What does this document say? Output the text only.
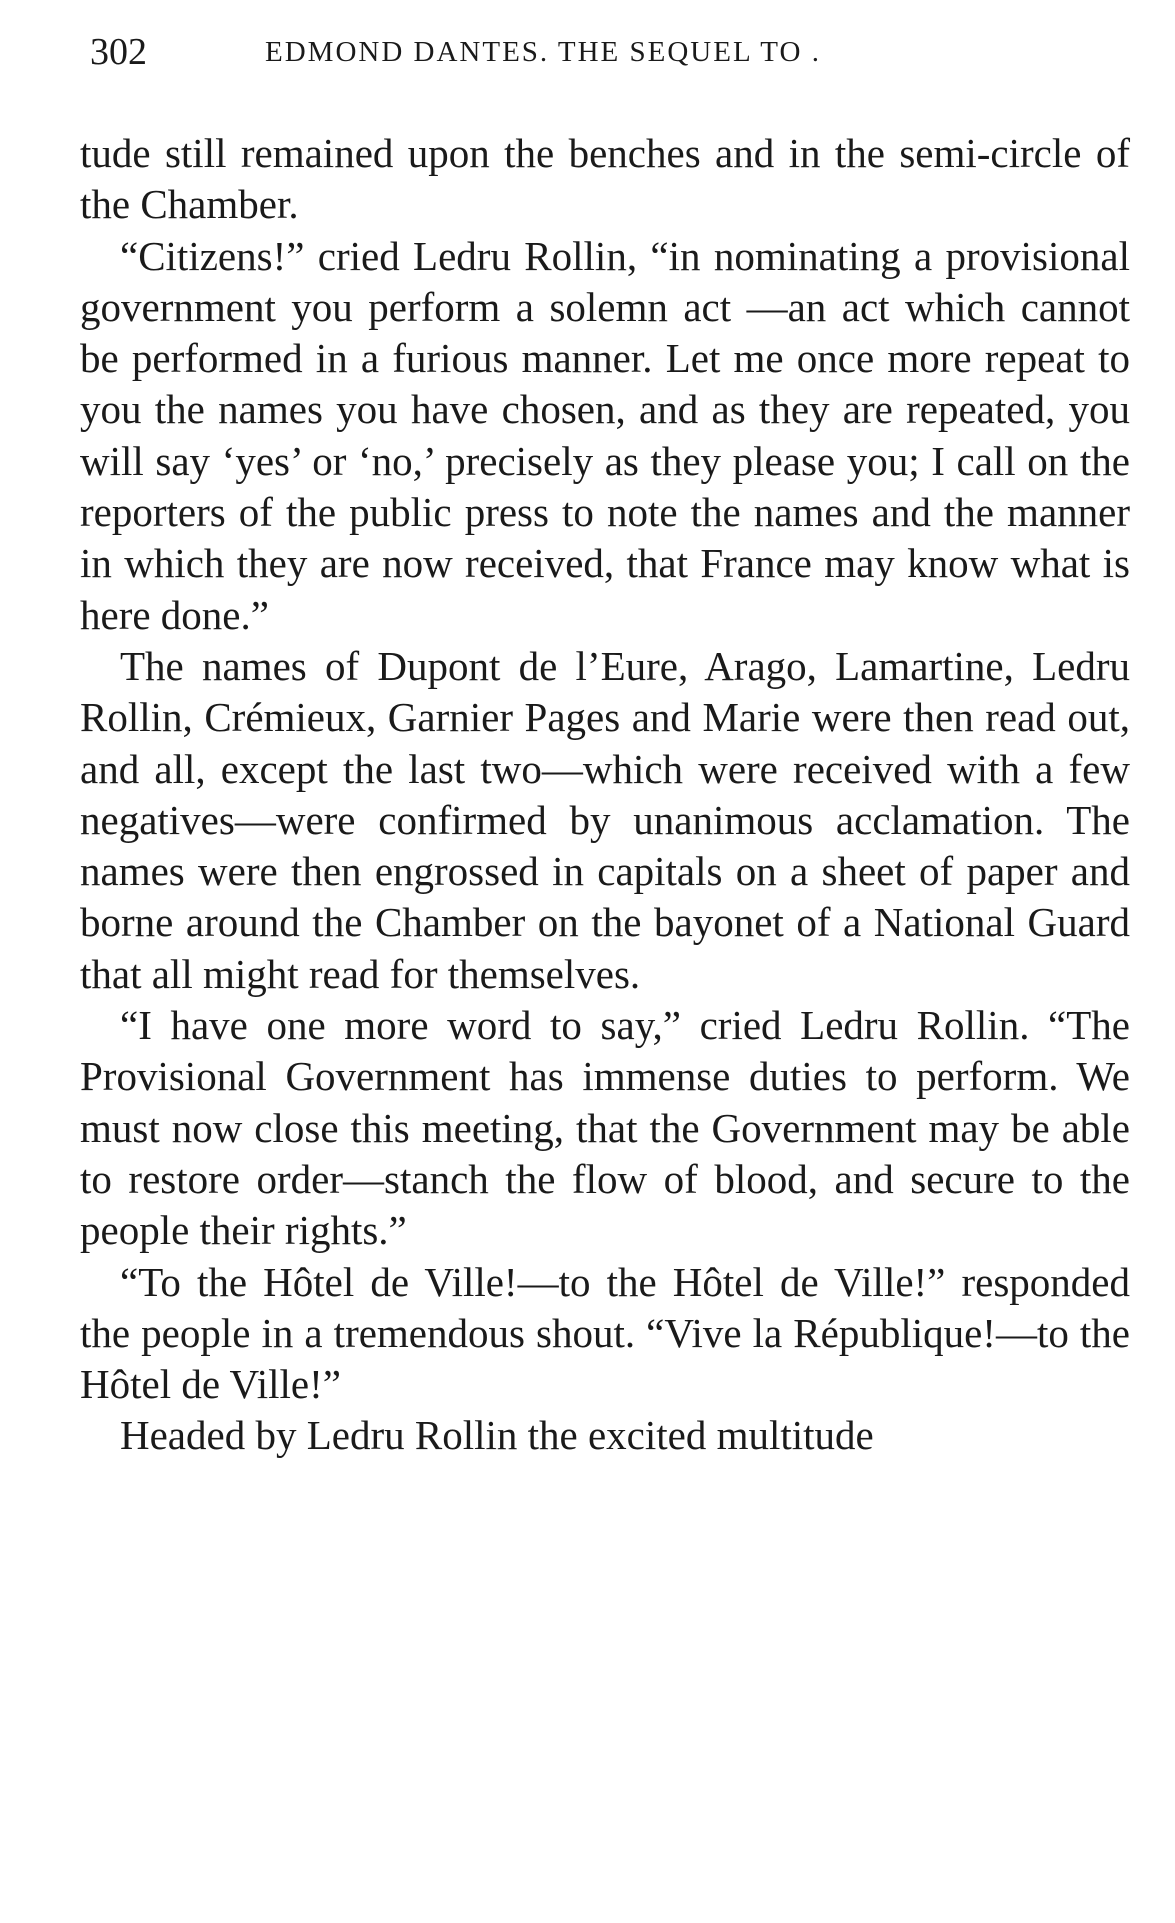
302	EDMOND DANTES. THE SEQUEL TO .

tude still remained upon the benches and in the semi-circle of the Chamber.

“Citizens!” cried Ledru Rollin, “in nominating a provisional government you perform a solemn act —an act which cannot be performed in a furious manner. Let me once more repeat to you the names you have chosen, and as they are repeated, you will say ‘yes’ or ‘no,’ precisely as they please you; I call on the reporters of the public press to note the names and the manner in which they are now received, that France may know what is here done.”

The names of Dupont de l’Eure, Arago, Lamartine, Ledru Rollin, Crémieux, Garnier Pages and Marie were then read out, and all, except the last two—which were received with a few negatives—were confirmed by unanimous acclamation. The names were then engrossed in capitals on a sheet of paper and borne around the Chamber on the bayonet of a National Guard that all might read for themselves.

“I have one more word to say,” cried Ledru Rollin. “The Provisional Government has immense duties to perform. We must now close this meeting, that the Government may be able to restore order—stanch the flow of blood, and secure to the people their rights.”

“To the Hôtel de Ville!—to the Hôtel de Ville!” responded the people in a tremendous shout. “Vive la République!—to the Hôtel de Ville!”

Headed by Ledru Rollin the excited multitude
